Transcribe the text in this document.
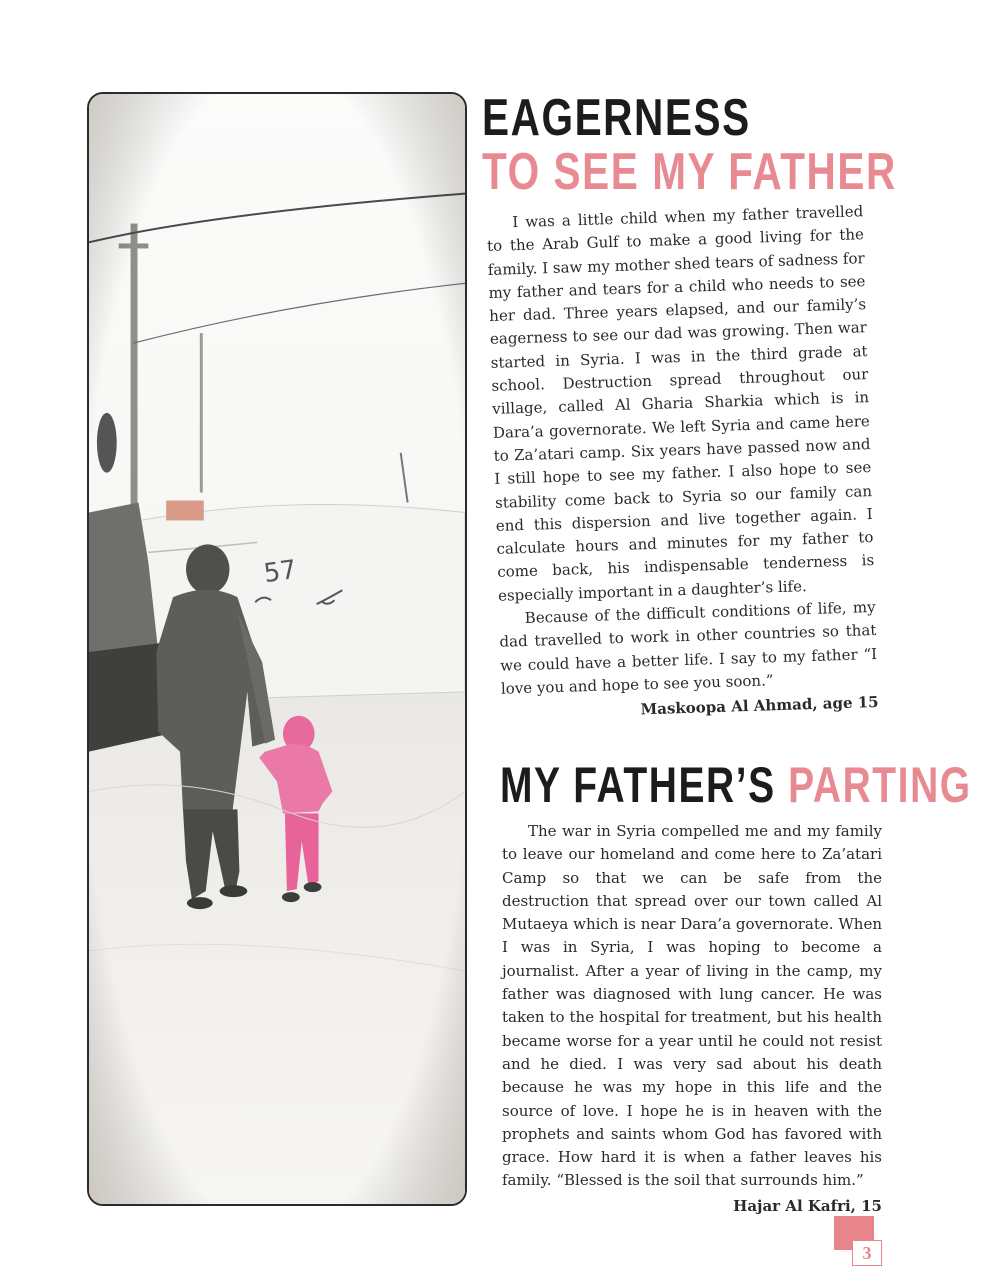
EAGERNESS
TO SEE MY FATHER

I was a little child when my father travelled to the Arab Gulf to make a good living for the family. I saw my mother shed tears of sadness for my father and tears for a child who needs to see her dad. Three years elapsed, and our family’s eagerness to see our dad was growing. Then war started in Syria. I was in the third grade at school. Destruction spread throughout our village, called Al Gharia Sharkia which is in Dara’a governorate. We left Syria and came here to Za’atari camp. Six years have passed now and I still hope to see my father. I also hope to see stability come back to Syria so our family can end this dispersion and live together again. I calculate hours and minutes for my father to come back, his indispensable tenderness is especially important in a daughter’s life.

Because of the difficult conditions of life, my dad travelled to work in other countries so that we could have a better life. I say to my father “I love you and hope to see you soon.”

Maskoopa Al Ahmad, age 15
MY FATHER’S PARTING

The war in Syria compelled me and my family to leave our homeland and come here to Za’atari Camp so that we can be safe from the destruction that spread over our town called Al Mutaeya which is near Dara’a governorate. When I was in Syria, I was hoping to become a journalist. After a year of living in the camp, my father was diagnosed with lung cancer. He was taken to the hospital for treatment, but his health became worse for a year until he could not resist and he died. I was very sad about his death because he was my hope in this life and the source of love. I hope he is in heaven with the prophets and saints whom God has favored with grace. How hard it is when a father leaves his family. “Blessed is the soil that surrounds him.”

Hajar Al Kafri, 15
3
